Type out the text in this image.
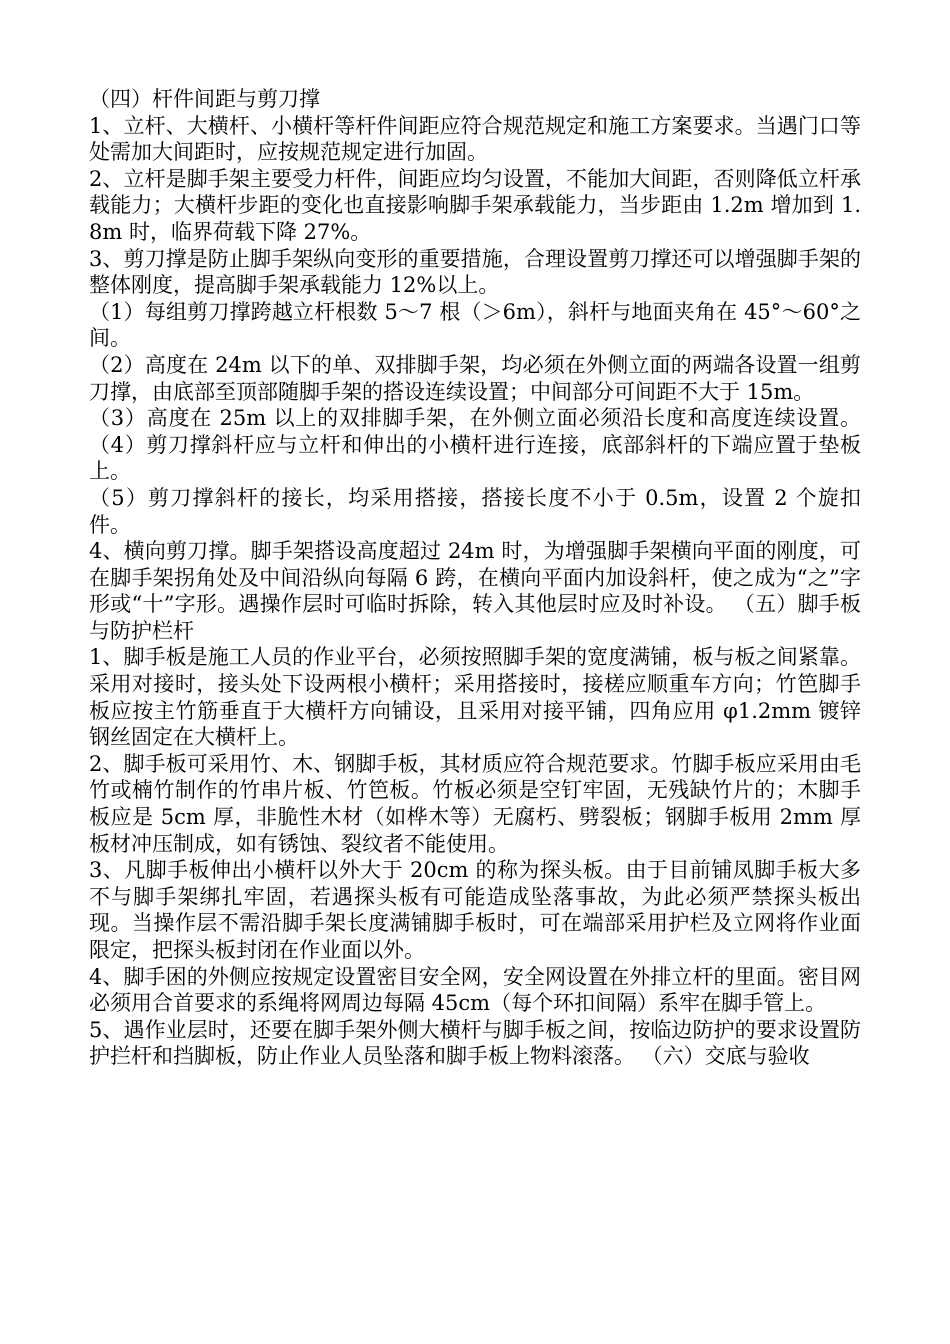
（四）杆件间距与剪刀撑

1、立杆、大横杆、小横杆等杆件间距应符合规范规定和施工方案要求。当遇门口等处需加大间距时，应按规范规定进行加固。

2、立杆是脚手架主要受力杆件，间距应均匀设置，不能加大间距，否则降低立杆承载能力；大横杆步距的变化也直接影响脚手架承载能力，当步距由 1.2m 增加到 1.8m 时，临界荷载下降 27%。

3、剪刀撑是防止脚手架纵向变形的重要措施，合理设置剪刀撑还可以增强脚手架的整体刚度，提高脚手架承载能力 12%以上。

（1）每组剪刀撑跨越立杆根数 5～7 根（＞6m），斜杆与地面夹角在 45°～60°之间。

（2）高度在 24m 以下的单、双排脚手架，均必须在外侧立面的两端各设置一组剪刀撑，由底部至顶部随脚手架的搭设连续设置；中间部分可间距不大于 15m。

（3）高度在 25m 以上的双排脚手架，在外侧立面必须沿长度和高度连续设置。 （4）剪刀撑斜杆应与立杆和伸出的小横杆进行连接，底部斜杆的下端应置于垫板上。

（5）剪刀撑斜杆的接长，均采用搭接，搭接长度不小于 0.5m，设置 2 个旋扣件。

4、横向剪刀撑。脚手架搭设高度超过 24m 时，为增强脚手架横向平面的刚度，可在脚手架拐角处及中间沿纵向每隔 6 跨，在横向平面内加设斜杆，使之成为“之”字形或“十”字形。遇操作层时可临时拆除，转入其他层时应及时补设。 （五）脚手板与防护栏杆

1、脚手板是施工人员的作业平台，必须按照脚手架的宽度满铺，板与板之间紧靠。采用对接时，接头处下设两根小横杆；采用搭接时，接槎应顺重车方向；竹笆脚手板应按主竹筋垂直于大横杆方向铺设，且采用对接平铺，四角应用 φ1.2mm 镀锌钢丝固定在大横杆上。

2、脚手板可采用竹、木、钢脚手板，其材质应符合规范要求。竹脚手板应采用由毛竹或楠竹制作的竹串片板、竹笆板。竹板必须是空钉牢固，无残缺竹片的；木脚手板应是 5cm 厚，非脆性木材（如桦木等）无腐朽、劈裂板；钢脚手板用 2mm 厚板材冲压制成，如有锈蚀、裂纹者不能使用。

3、凡脚手板伸出小横杆以外大于 20cm 的称为探头板。由于目前铺凤脚手板大多不与脚手架绑扎牢固，若遇探头板有可能造成坠落事故，为此必须严禁探头板出现。当操作层不需沿脚手架长度满铺脚手板时，可在端部采用护栏及立网将作业面限定，把探头板封闭在作业面以外。

4、脚手困的外侧应按规定设置密目安全网，安全网设置在外排立杆的里面。密目网必须用合首要求的系绳将网周边每隔 45cm（每个环扣间隔）系牢在脚手管上。

5、遇作业层时，还要在脚手架外侧大横杆与脚手板之间，按临边防护的要求设置防护拦杆和挡脚板，防止作业人员坠落和脚手板上物料滚落。 （六）交底与验收
